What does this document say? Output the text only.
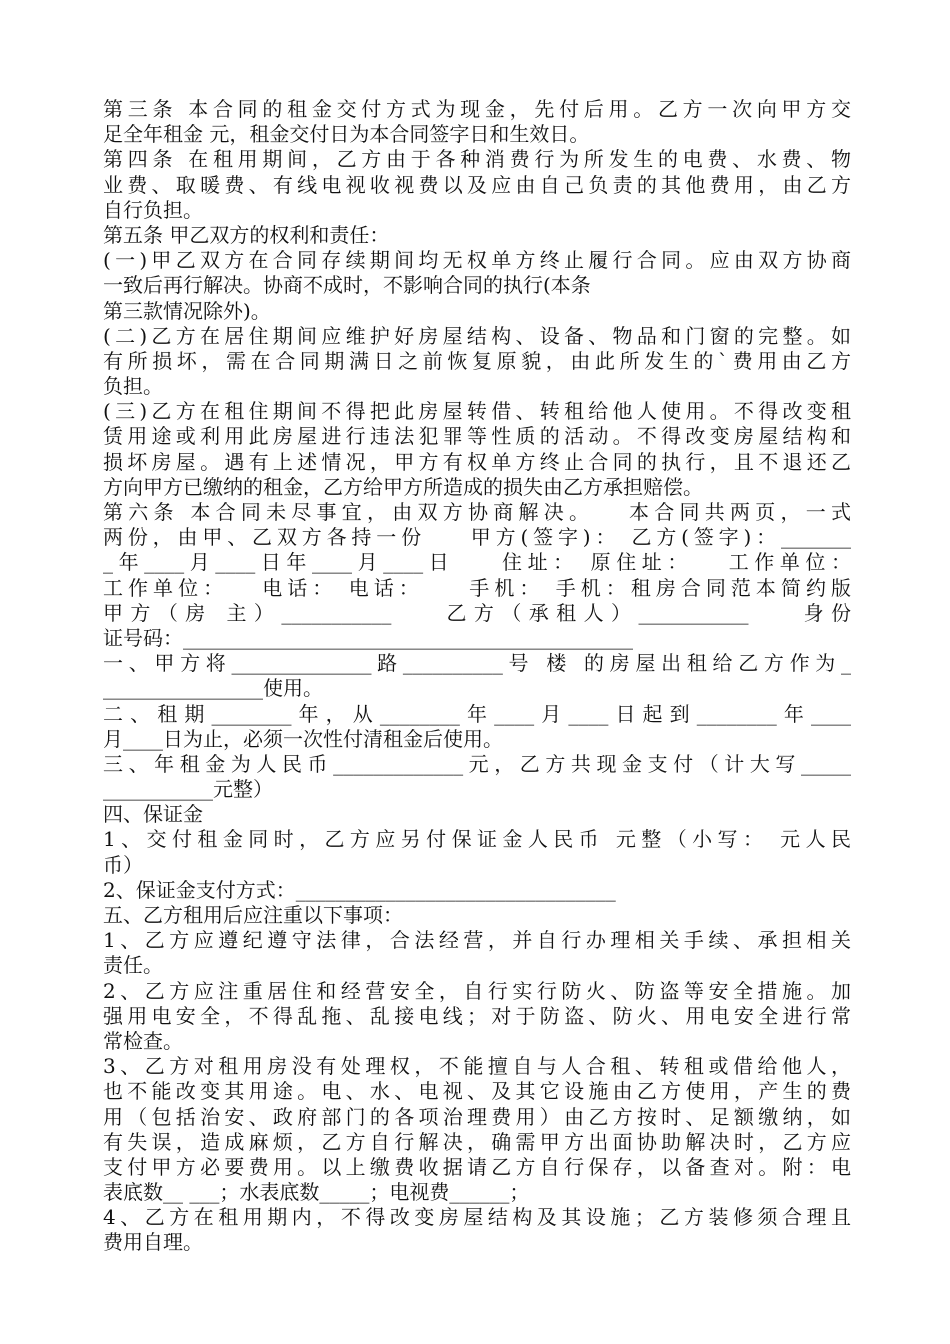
第三条 本合同的租金交付方式为现金，先付后用。乙方一次向甲方交
足全年租金 元，租金交付日为本合同签字日和生效日。
第四条 在租用期间，乙方由于各种消费行为所发生的电费、水费、物
业费、取暖费、有线电视收视费以及应由自己负责的其他费用，由乙方
自行负担。
第五条 甲乙双方的权利和责任：
(一)甲乙双方在合同存续期间均无权单方终止履行合同。应由双方协商
一致后再行解决。协商不成时，不影响合同的执行(本条
第三款情况除外)。
(二)乙方在居住期间应维护好房屋结构、设备、物品和门窗的完整。如
有所损坏，需在合同期满日之前恢复原貌，由此所发生的`费用由乙方
负担。
(三)乙方在租住期间不得把此房屋转借、转租给他人使用。不得改变租
赁用途或利用此房屋进行违法犯罪等性质的活动。不得改变房屋结构和
损坏房屋。遇有上述情况，甲方有权单方终止合同的执行，且不退还乙
方向甲方已缴纳的租金，乙方给甲方所造成的损失由乙方承担赔偿。
第六条 本合同未尽事宜，由双方协商解决。   本合同共两页，一式
两份，由甲、乙双方各持一份    甲方(签字)： 乙方(签字)：_______
_年____月____日年____月____日    住址： 原住址：   工作单位：
工作单位：   电话： 电话：    手机： 手机：租房合同范本简约版
甲方（房 主）___________    乙方（承租人）___________    身份
证号码：_____________________________________________
一、甲方将______________路__________号 楼 的房屋出租给乙方作为_
________________使用。
二、租期________年，从________年____月____日起到________年____
月____日为止，必须一次性付清租金后使用。
三、年租金为人民币_____________元，乙方共现金支付（计大写_____
___________元整）
四、保证金
1、交付租金同时，乙方应另付保证金人民币 元整（小写： 元人民
币）
2、保证金支付方式：________________________________
五、乙方租用后应注重以下事项：
1、乙方应遵纪遵守法律，合法经营，并自行办理相关手续、承担相关
责任。
2、乙方应注重居住和经营安全，自行实行防火、防盗等安全措施。加
强用电安全，不得乱拖、乱接电线；对于防盗、防火、用电安全进行常
常检查。
3、乙方对租用房没有处理权，不能擅自与人合租、转租或借给他人，
也不能改变其用途。电、水、电视、及其它设施由乙方使用，产生的费
用（包括治安、政府部门的各项治理费用）由乙方按时、足额缴纳，如
有失误，造成麻烦，乙方自行解决，确需甲方出面协助解决时，乙方应
支付甲方必要费用。以上缴费收据请乙方自行保存，以备查对。附：电
表底数__ ___；水表底数_____；电视费______；
4、乙方在租用期内，不得改变房屋结构及其设施；乙方装修须合理且
费用自理。
